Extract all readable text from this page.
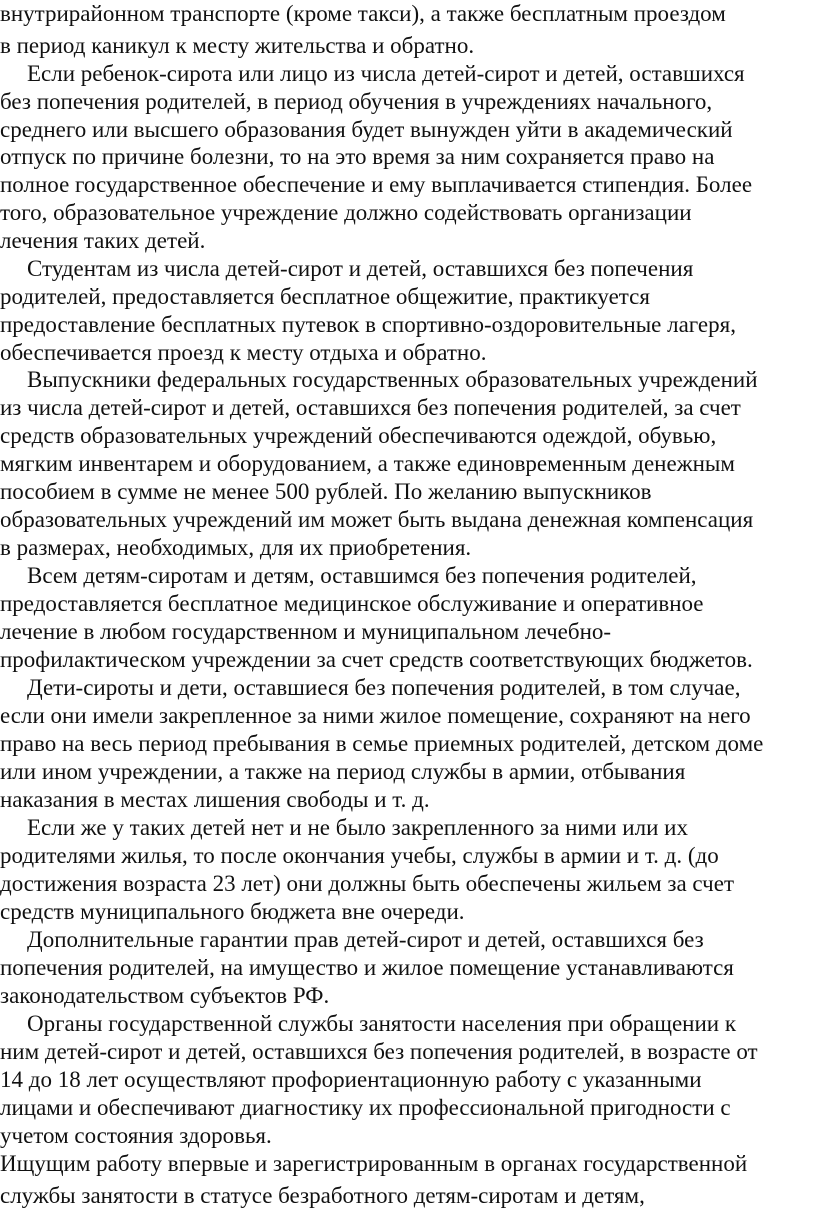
внутрирайонном транспорте (кроме такси), а также бесплатным проездом
в период каникул к месту жительства и обратно.
Если ребенок-сирота или лицо из числа детей-сирот и детей, оставшихся
без попечения родителей, в период обучения в учреждениях начального,
среднего или высшего образования будет вынужден уйти в академический
отпуск по причине болезни, то на это время за ним сохраняется право на
полное государственное обеспечение и ему выплачивается стипендия. Более
того, образовательное учреждение должно содействовать организации
лечения таких детей.
Студентам из числа детей-сирот и детей, оставшихся без попечения
родителей, предоставляется бесплатное общежитие, практикуется
предоставление бесплатных путевок в спортивно-оздоровительные лагеря,
обеспечивается проезд к месту отдыха и обратно.
Выпускники федеральных государственных образовательных учреждений
из числа детей-сирот и детей, оставшихся без попечения родителей, за счет
средств образовательных учреждений обеспечиваются одеждой, обувью,
мягким инвентарем и оборудованием, а также единовременным денежным
пособием в сумме не менее 500 рублей. По желанию выпускников
образовательных учреждений им может быть выдана денежная компенсация
в размерах, необходимых, для их приобретения.
Всем детям-сиротам и детям, оставшимся без попечения родителей,
предоставляется бесплатное медицинское обслуживание и оперативное
лечение в любом государственном и муниципальном лечебно-
профилактическом учреждении за счет средств соответствующих бюджетов.
Дети-сироты и дети, оставшиеся без попечения родителей, в том случае,
если они имели закрепленное за ними жилое помещение, сохраняют на него
право на весь период пребывания в семье приемных родителей, детском доме
или ином учреждении, а также на период службы в армии, отбывания
наказания в местах лишения свободы и т. д.
Если же у таких детей нет и не было закрепленного за ними или их
родителями жилья, то после окончания учебы, службы в армии и т. д. (до
достижения возраста 23 лет) они должны быть обеспечены жильем за счет
средств муниципального бюджета вне очереди.
Дополнительные гарантии прав детей-сирот и детей, оставшихся без
попечения родителей, на имущество и жилое помещение устанавливаются
законодательством субъектов РФ.
Органы государственной службы занятости населения при обращении к
ним детей-сирот и детей, оставшихся без попечения родителей, в возрасте от
14 до 18 лет осуществляют профориентационную работу с указанными
лицами и обеспечивают диагностику их профессиональной пригодности с
учетом состояния здоровья.
Ищущим работу впервые и зарегистрированным в органах государственной
службы занятости в статусе безработного детям-сиротам и детям,
